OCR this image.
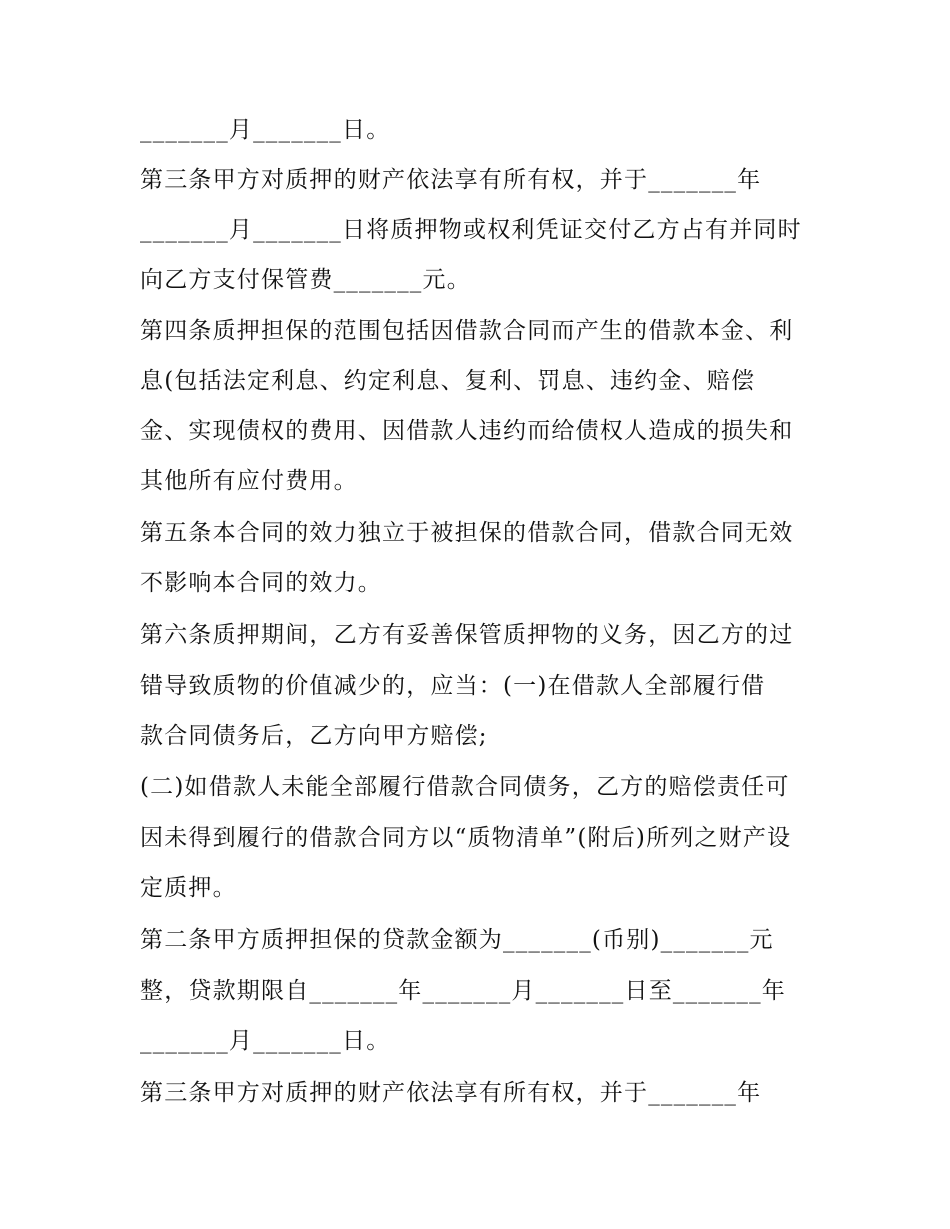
_______月_______日。
第三条甲方对质押的财产依法享有所有权，并于_______年
_______月_______日将质押物或权利凭证交付乙方占有并同时
向乙方支付保管费_______元。
第四条质押担保的范围包括因借款合同而产生的借款本金、利
息(包括法定利息、约定利息、复利、罚息、违约金、赔偿
金、实现债权的费用、因借款人违约而给债权人造成的损失和
其他所有应付费用。
第五条本合同的效力独立于被担保的借款合同，借款合同无效
不影响本合同的效力。
第六条质押期间，乙方有妥善保管质押物的义务，因乙方的过
错导致质物的价值减少的，应当：(一)在借款人全部履行借
款合同债务后，乙方向甲方赔偿;
(二)如借款人未能全部履行借款合同债务，乙方的赔偿责任可
因未得到履行的借款合同方以“质物清单”(附后)所列之财产设
定质押。
第二条甲方质押担保的贷款金额为_______(币别)_______元
整，贷款期限自_______年_______月_______日至_______年
_______月_______日。
第三条甲方对质押的财产依法享有所有权，并于_______年
